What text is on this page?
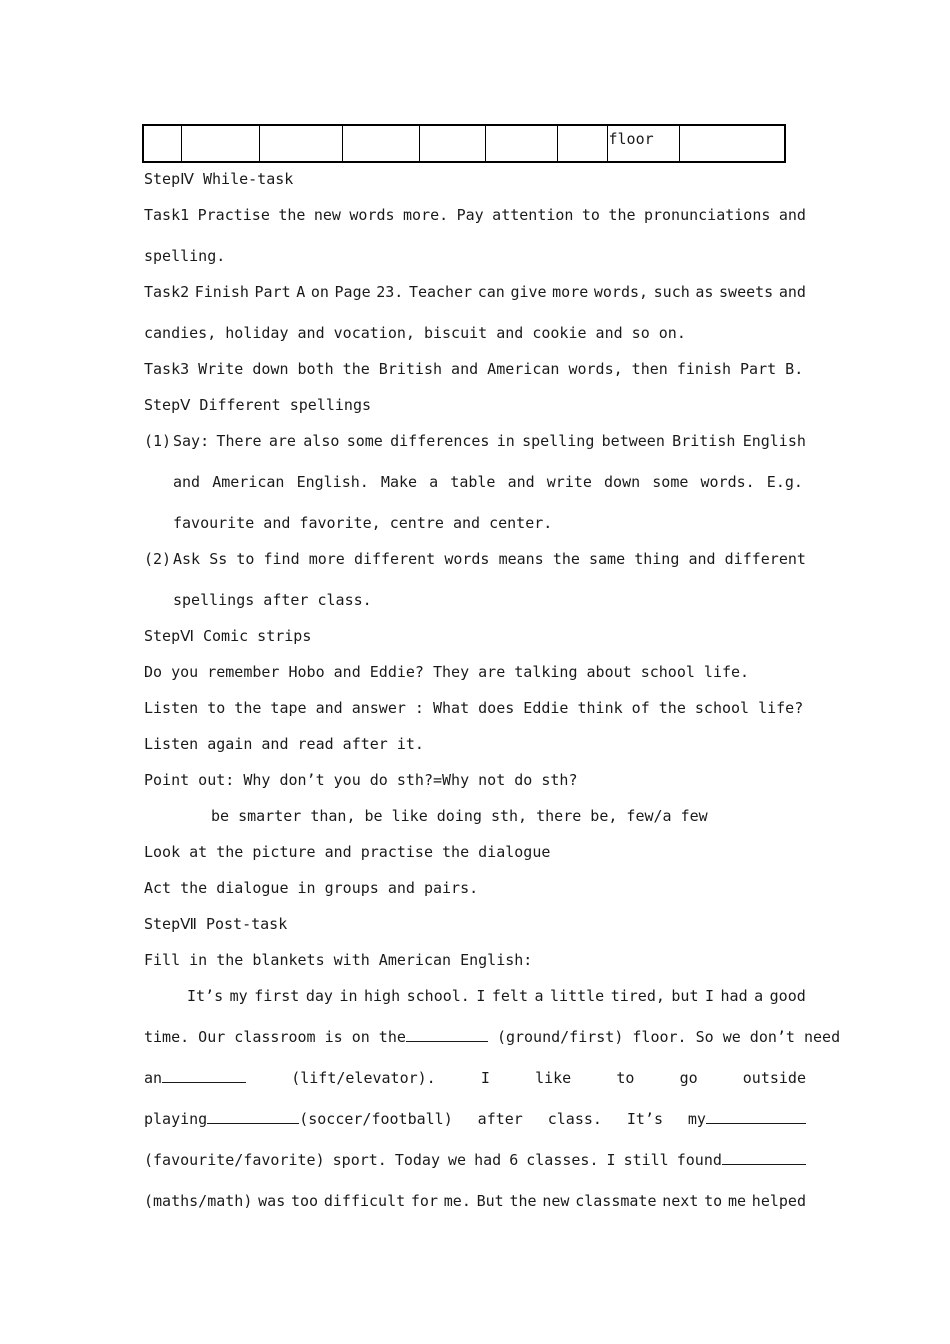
							floor	
StepⅣ While-task
Task1 Practise the new words more. Pay attention to the pronunciations and
spelling.
Task2 Finish Part A on Page 23. Teacher can give more words, such as sweets and
candies, holiday and vocation, biscuit and cookie and so on.
Task3 Write down both the British and American words, then finish Part B.
StepⅤ Different spellings
(1) Say: There are also some differences in spelling between British English
and American English. Make a table and write down some words. E.g.
favourite and favorite, centre and center.
(2) Ask Ss to find more different words means the same thing and different
spellings after class.
StepⅥ Comic strips
Do you remember Hobo and Eddie? They are talking about school life.
Listen to the tape and answer : What does Eddie think of the school life?
Listen again and read after it.
Point out: Why don’t you do sth?=Why not do sth?
be smarter than, be like doing sth, there be, few/a few
Look at the picture and practise the dialogue
Act the dialogue in groups and pairs.
StepⅦ Post-task
Fill in the blankets with American English:
It’s my first day in high school. I felt a little tired, but I had a good
time. Our classroom is on the	(ground/first) floor. So we don’t need
an	(lift/elevator).	I	like	to	go	outside
playing	(soccer/football) after class. It’s my
(favourite/favorite) sport. Today we had 6 classes. I still found
(maths/math) was too difficult for me. But the new classmate next to me helped
